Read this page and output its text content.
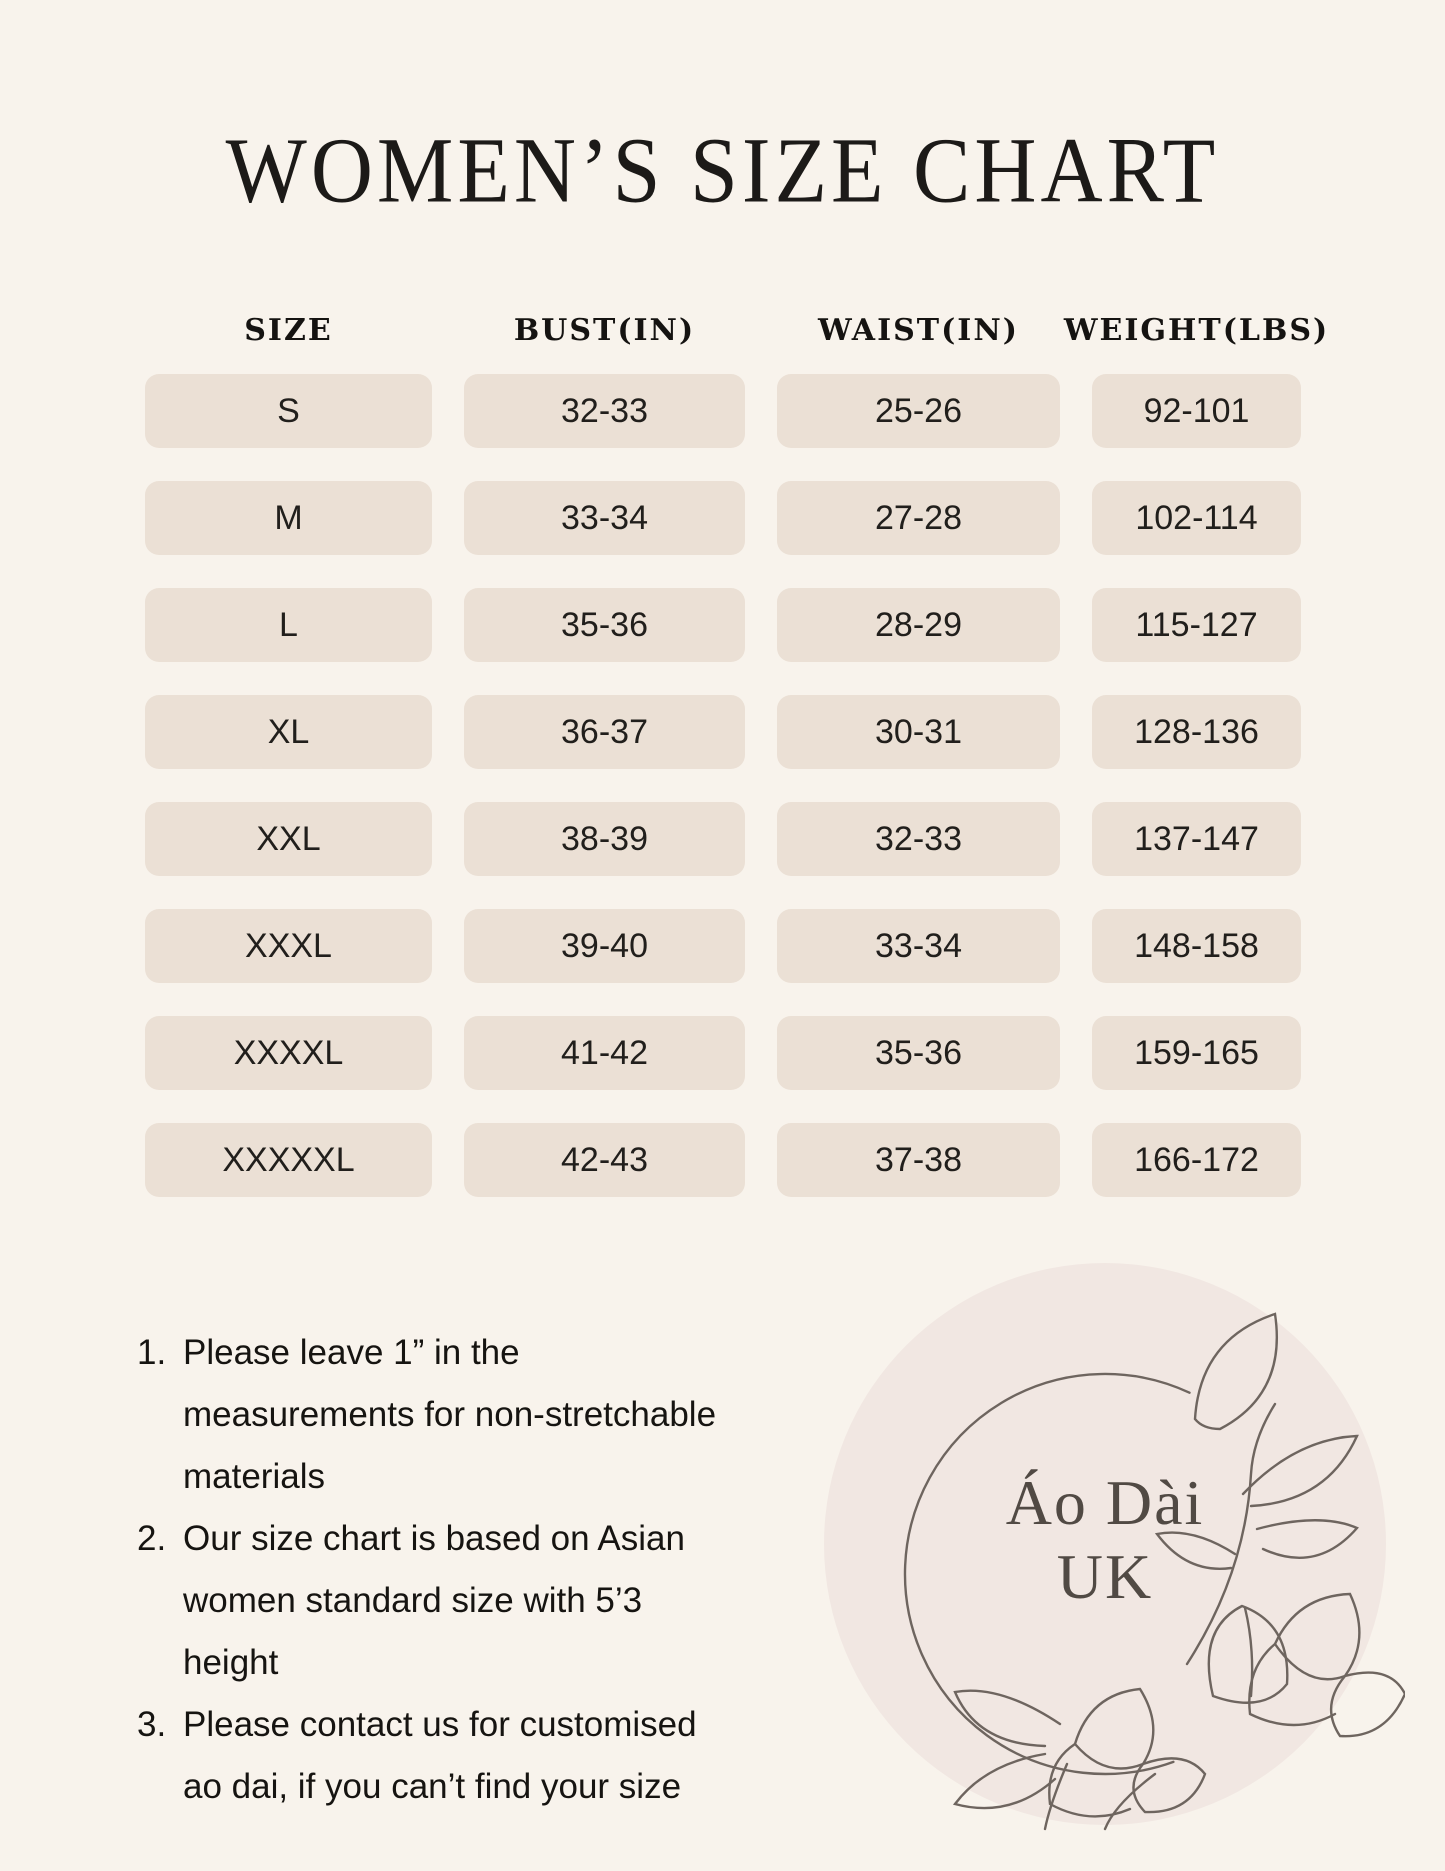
WOMEN’S SIZE CHART
SIZE	BUST(IN)	WAIST(IN) WEIGHT(LBS)
S	32-33	25-26	92-101
M	33-34	27-28	102-114
L	35-36	28-29	115-127
XL	36-37	30-31	128-136
XXL	38-39	32-33	137-147
XXXL	39-40	33-34	148-158
XXXXL	41-42	35-36	159-165
XXXXXL	42-43	37-38	166-172
1. Please leave 1” in the measurements for non-stretchable materials
2. Our size chart is based on Asian women standard size with 5’3 height
3. Please contact us for customised ao dai, if you can’t find your size
Áo Dài
UK
